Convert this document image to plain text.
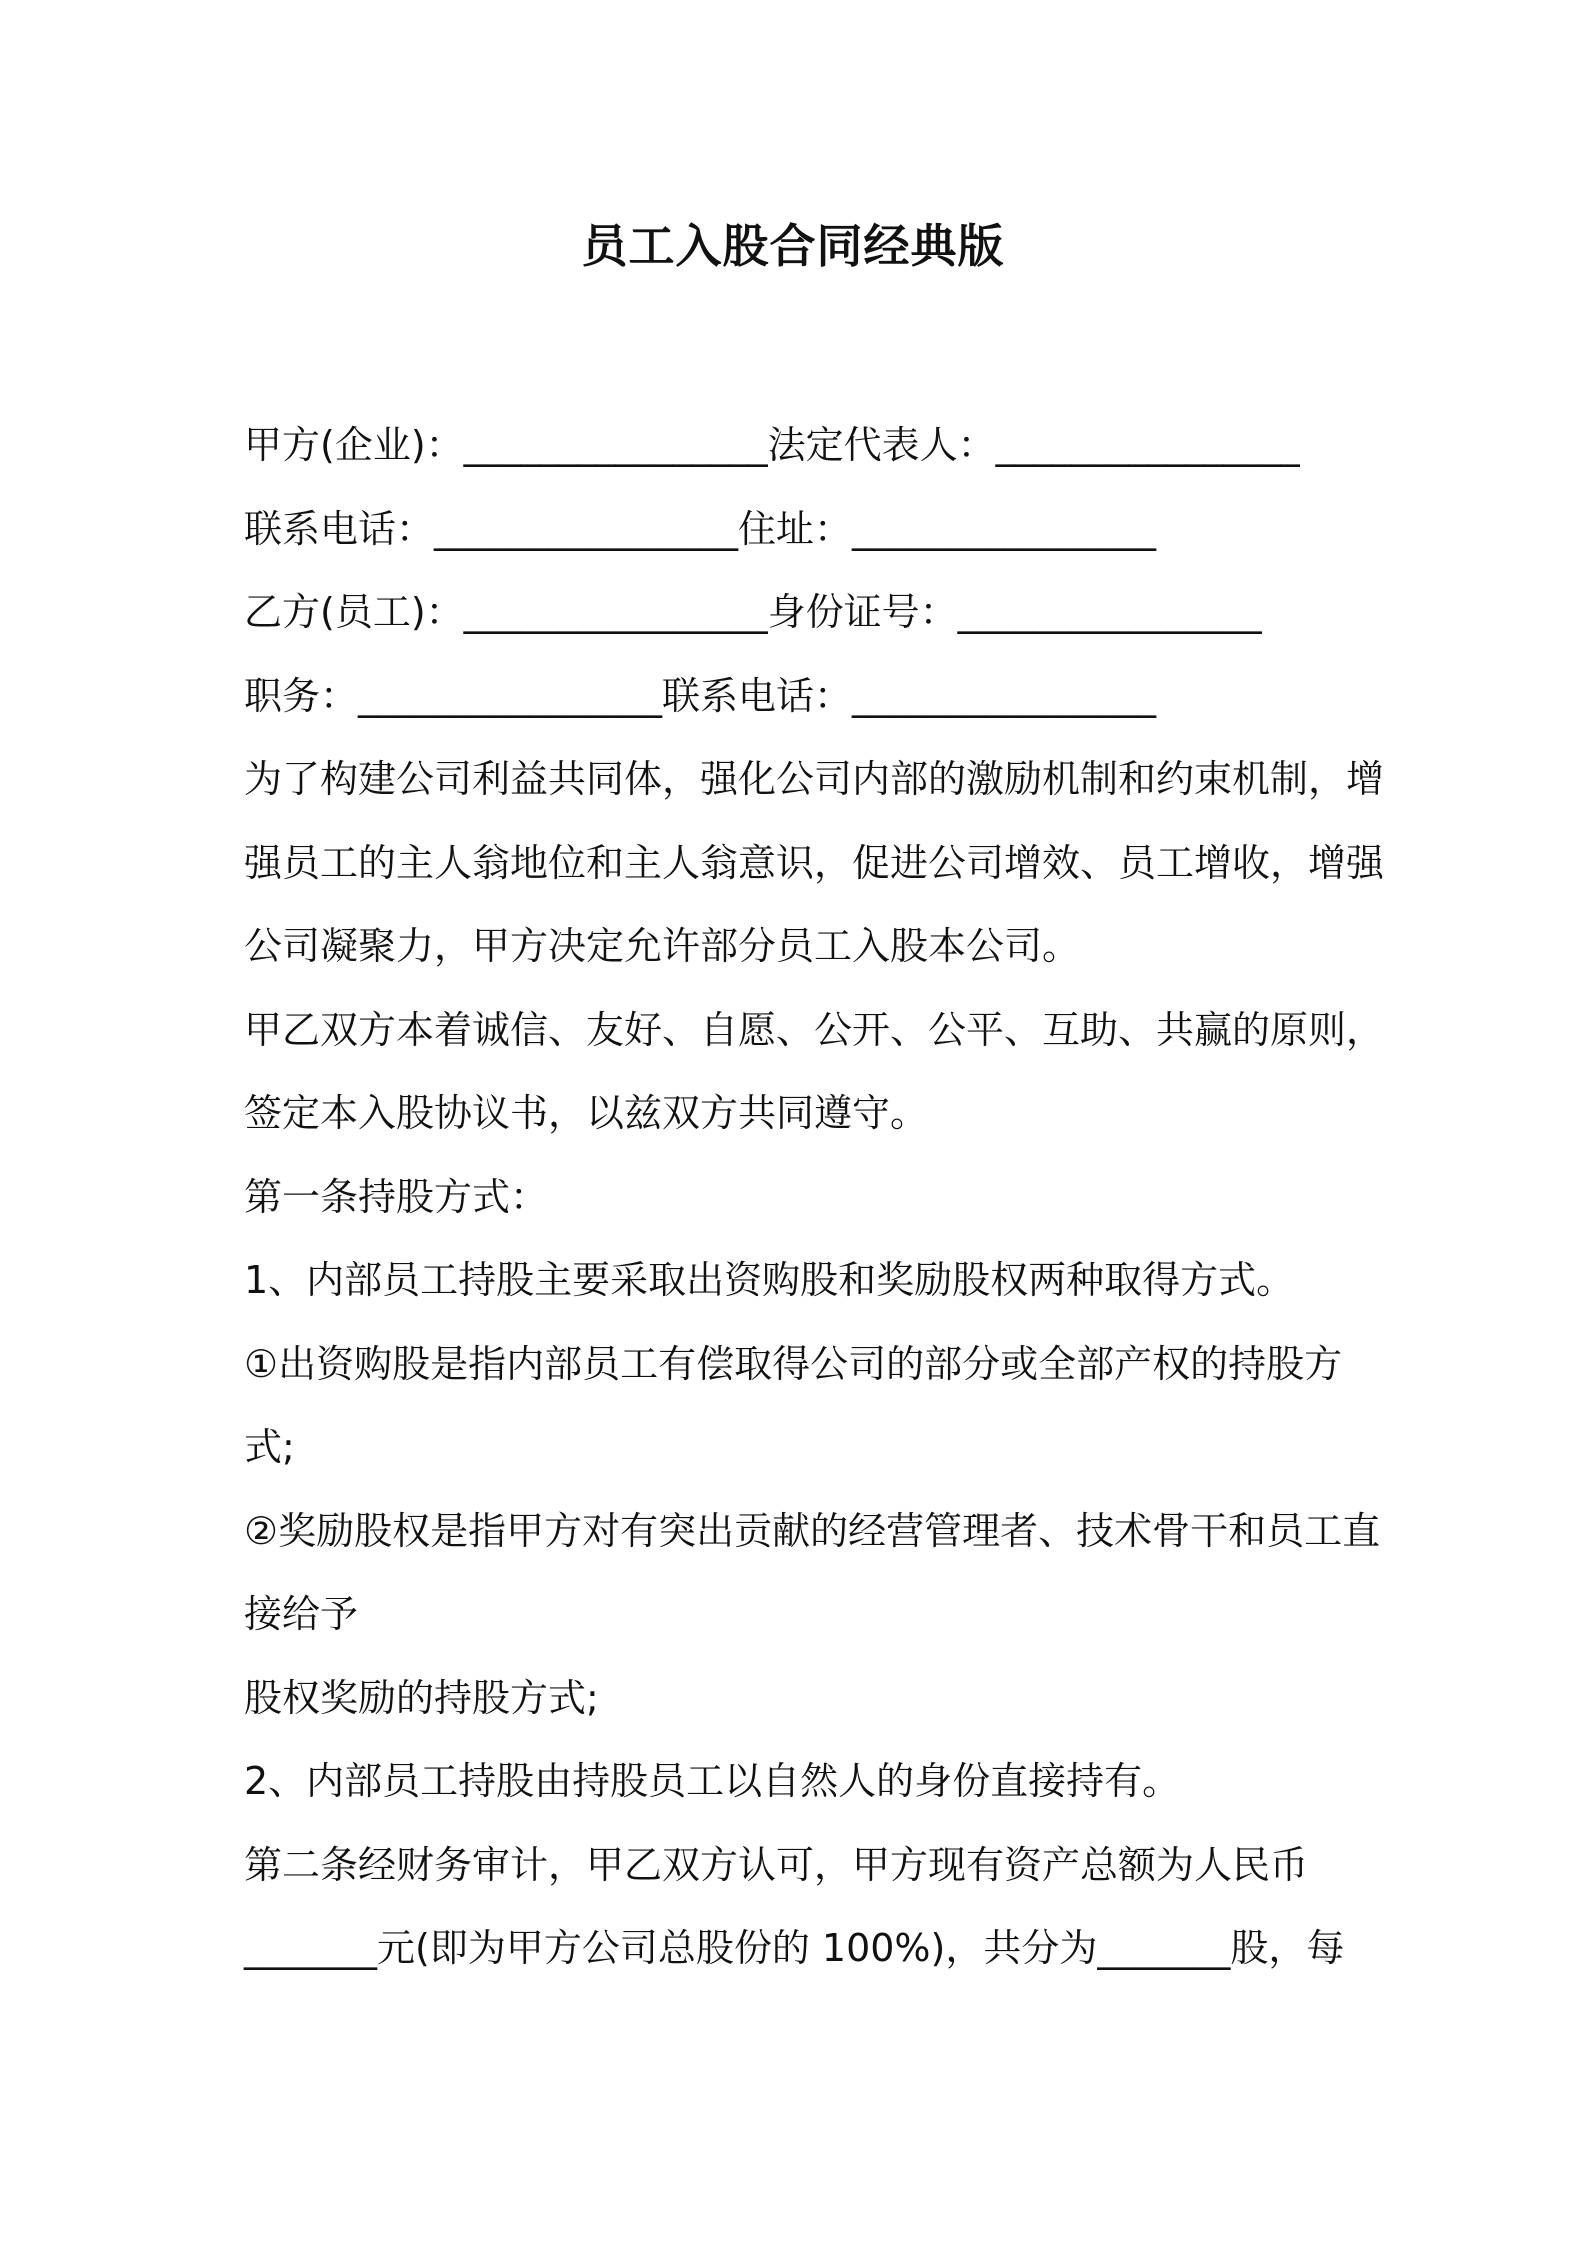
员工入股合同经典版
甲方(企业)：________________法定代表人：________________
联系电话：________________住址：________________
乙方(员工)：________________身份证号：________________
职务：________________联系电话：________________
为了构建公司利益共同体，强化公司内部的激励机制和约束机制，增
强员工的主人翁地位和主人翁意识，促进公司增效、员工增收，增强
公司凝聚力，甲方决定允许部分员工入股本公司。
甲乙双方本着诚信、友好、自愿、公开、公平、互助、共赢的原则，
签定本入股协议书，以兹双方共同遵守。
第一条持股方式：
1、内部员工持股主要采取出资购股和奖励股权两种取得方式。
①出资购股是指内部员工有偿取得公司的部分或全部产权的持股方
式;
②奖励股权是指甲方对有突出贡献的经营管理者、技术骨干和员工直
接给予
股权奖励的持股方式;
2、内部员工持股由持股员工以自然人的身份直接持有。
第二条经财务审计，甲乙双方认可，甲方现有资产总额为人民币
_______元(即为甲方公司总股份的 100%)，共分为_______股，每
